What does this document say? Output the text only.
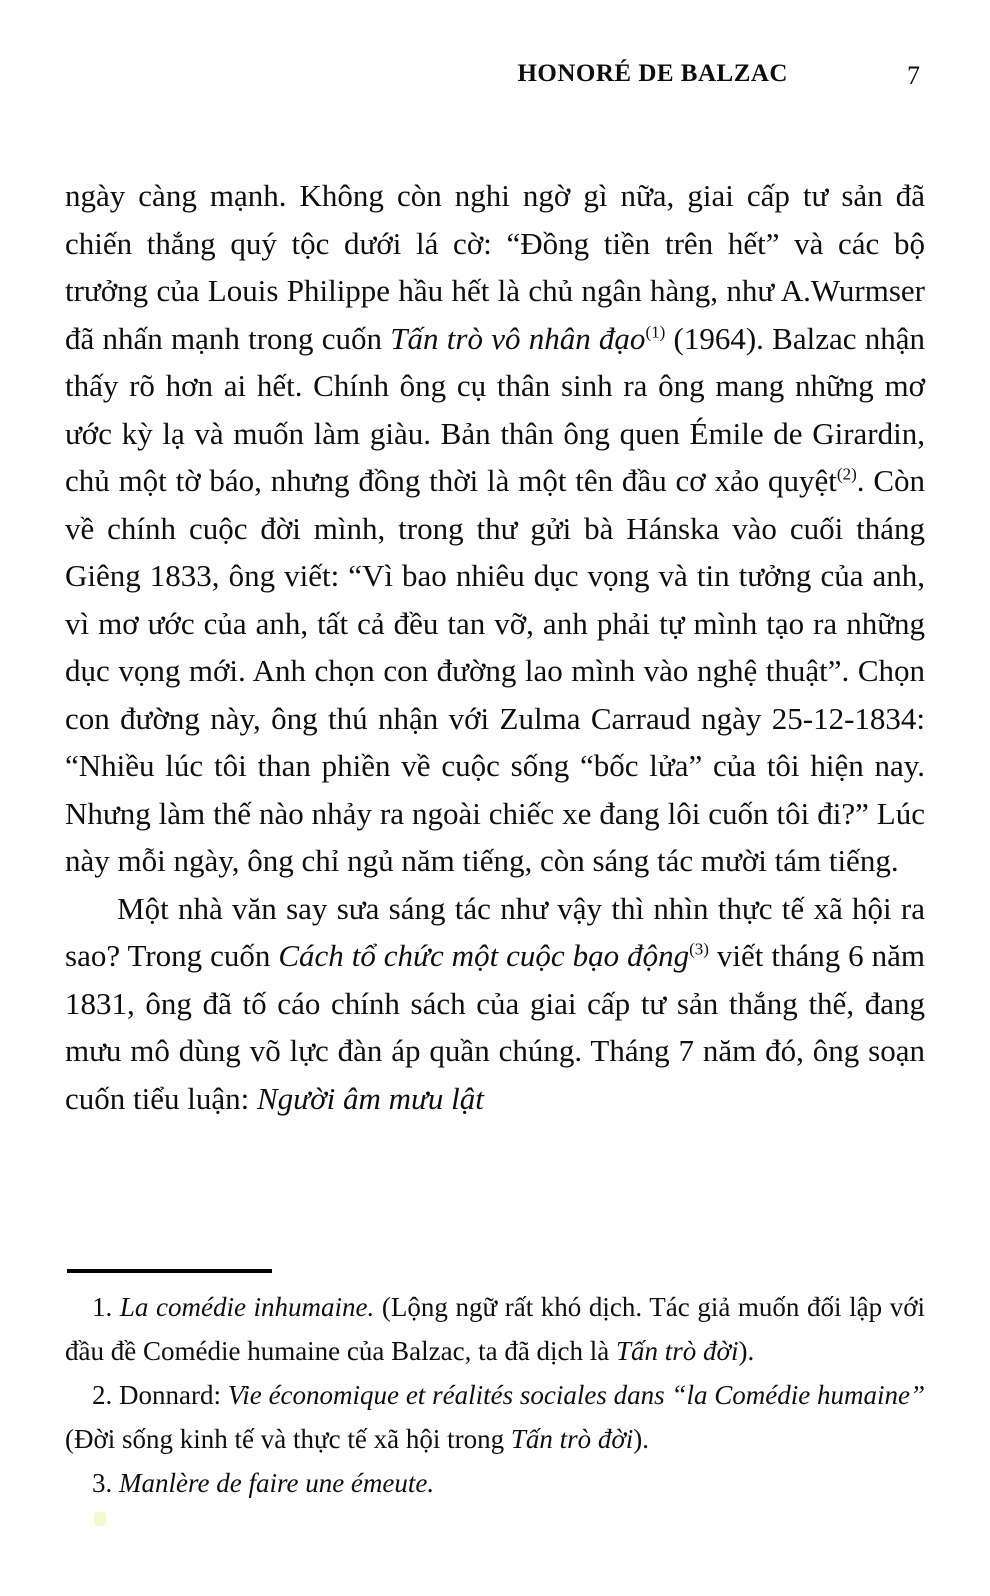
HONORÉ DE BALZAC	7

ngày càng mạnh. Không còn nghi ngờ gì nữa, giai cấp tư sản đã chiến thắng quý tộc dưới lá cờ: “Đồng tiền trên hết” và các bộ trưởng của Louis Philippe hầu hết là chủ ngân hàng, như A.Wurmser đã nhấn mạnh trong cuốn Tấn trò vô nhân đạo$^{(1)}$ (1964). Balzac nhận thấy rõ hơn ai hết. Chính ông cụ thân sinh ra ông mang những mơ ước kỳ lạ và muốn làm giàu. Bản thân ông quen Émile de Girardin, chủ một tờ báo, nhưng đồng thời là một tên đầu cơ xảo quyệt$^{(2)}$. Còn về chính cuộc đời mình, trong thư gửi bà Hánska vào cuối tháng Giêng 1833, ông viết: “Vì bao nhiêu dục vọng và tin tưởng của anh, vì mơ ước của anh, tất cả đều tan vỡ, anh phải tự mình tạo ra những dục vọng mới. Anh chọn con đường lao mình vào nghệ thuật”. Chọn con đường này, ông thú nhận với Zulma Carraud ngày 25-12-1834: “Nhiều lúc tôi than phiền về cuộc sống “bốc lửa” của tôi hiện nay. Nhưng làm thế nào nhảy ra ngoài chiếc xe đang lôi cuốn tôi đi?” Lúc này mỗi ngày, ông chỉ ngủ năm tiếng, còn sáng tác mười tám tiếng.

Một nhà văn say sưa sáng tác như vậy thì nhìn thực tế xã hội ra sao? Trong cuốn Cách tổ chức một cuộc bạo động$^{(3)}$ viết tháng 6 năm 1831, ông đã tố cáo chính sách của giai cấp tư sản thắng thế, đang mưu mô dùng võ lực đàn áp quần chúng. Tháng 7 năm đó, ông soạn cuốn tiểu luận: Người âm mưu lật

1. La comédie inhumaine. (Lộng ngữ rất khó dịch. Tác giả muốn đối lập với đầu đề Comédie humaine của Balzac, ta đã dịch là Tấn trò đời).

2. Donnard: Vie économique et réalités sociales dans “la Comédie humaine” (Đời sống kinh tế và thực tế xã hội trong Tấn trò đời).

3. Manlère de faire une émeute.
